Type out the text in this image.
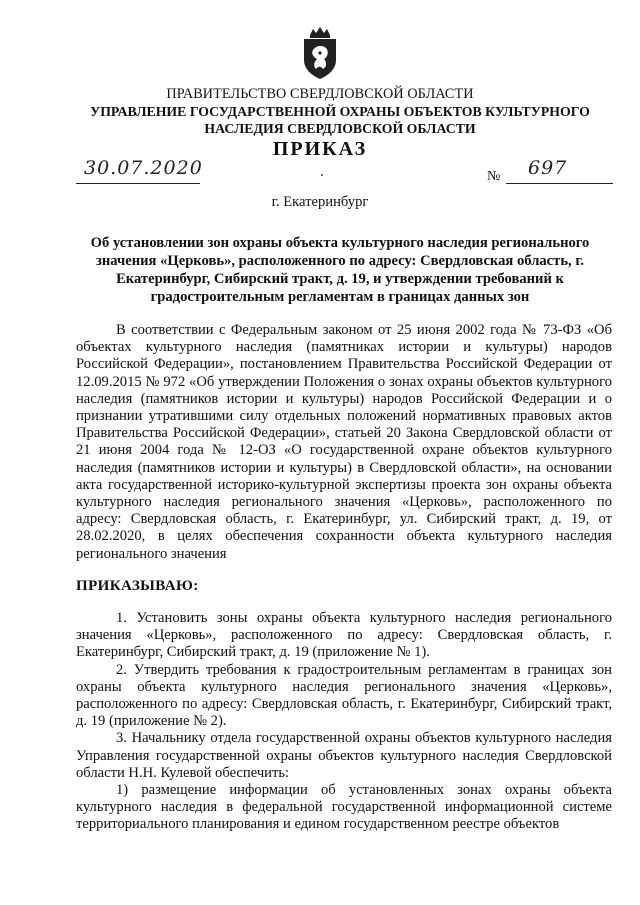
ПРАВИТЕЛЬСТВО СВЕРДЛОВСКОЙ ОБЛАСТИ
УПРАВЛЕНИЕ ГОСУДАРСТВЕННОЙ ОХРАНЫ ОБЪЕКТОВ КУЛЬТУРНОГО НАСЛЕДИЯ СВЕРДЛОВСКОЙ ОБЛАСТИ
ПРИКАЗ
30.07.2020	№ 697
г. Екатеринбург
Об установлении зон охраны объекта культурного наследия регионального значения «Церковь», расположенного по адресу: Свердловская область, г. Екатеринбург, Сибирский тракт, д. 19, и утверждении требований к градостроительным регламентам в границах данных зон

В соответствии с Федеральным законом от 25 июня 2002 года № 73-ФЗ «Об объектах культурного наследия (памятниках истории и культуры) народов Российской Федерации», постановлением Правительства Российской Федерации от 12.09.2015 № 972 «Об утверждении Положения о зонах охраны объектов культурного наследия (памятников истории и культуры) народов Российской Федерации и о признании утратившими силу отдельных положений нормативных правовых актов Правительства Российской Федерации», статьей 20 Закона Свердловской области от 21 июня 2004 года № 12-ОЗ «О государственной охране объектов культурного наследия (памятников истории и культуры) в Свердловской области», на основании акта государственной историко-культурной экспертизы проекта зон охраны объекта культурного наследия регионального значения «Церковь», расположенного по адресу: Свердловская область, г. Екатеринбург, ул. Сибирский тракт, д. 19, от 28.02.2020, в целях обеспечения сохранности объекта культурного наследия регионального значения

ПРИКАЗЫВАЮ:

1. Установить зоны охраны объекта культурного наследия регионального значения «Церковь», расположенного по адресу: Свердловская область, г. Екатеринбург, Сибирский тракт, д. 19 (приложение № 1).

2. Утвердить требования к градостроительным регламентам в границах зон охраны объекта культурного наследия регионального значения «Церковь», расположенного по адресу: Свердловская область, г. Екатеринбург, Сибирский тракт, д. 19 (приложение № 2).

3. Начальнику отдела государственной охраны объектов культурного наследия Управления государственной охраны объектов культурного наследия Свердловской области Н.Н. Кулевой обеспечить:

1) размещение информации об установленных зонах охраны объекта культурного наследия в федеральной государственной информационной системе территориального планирования и едином государственном реестре объектов
